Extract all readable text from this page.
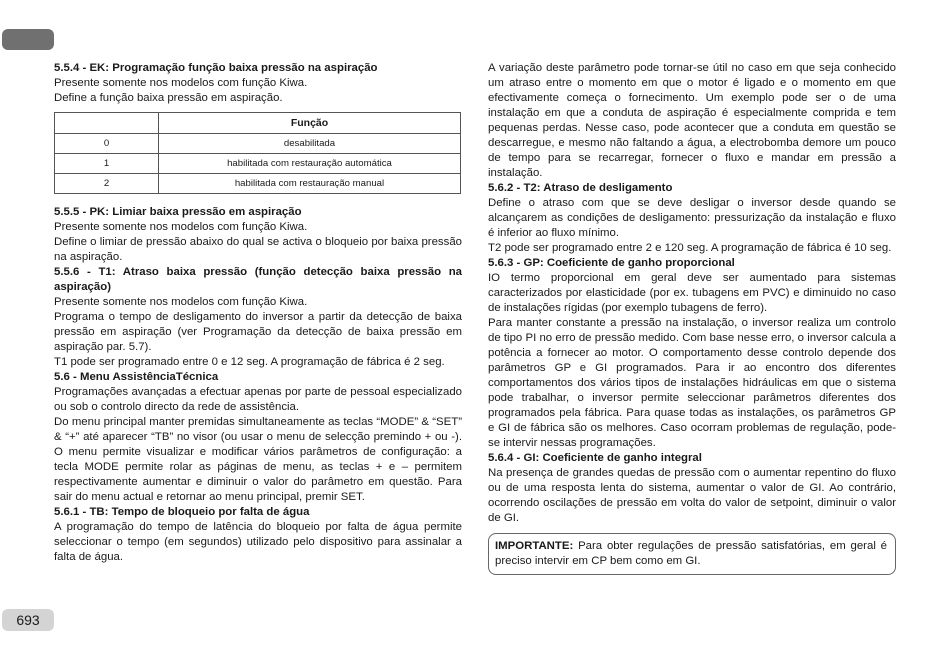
5.5.4 - EK: Programação função baixa pressão na aspiração

Presente somente nos modelos com função Kiwa.

Define a função baixa pressão em aspiração.

	Função
0	desabilitada
1	habilitada com restauração automática
2	habilitada com restauração manual

5.5.5 - PK: Limiar baixa pressão em aspiração

Presente somente nos modelos com função Kiwa.

Define o limiar de pressão abaixo do qual se activa o bloqueio por baixa pressão na aspiração.

5.5.6 - T1: Atraso baixa pressão (função detecção baixa pressão na aspiração)

Presente somente nos modelos com função Kiwa.

Programa o tempo de desligamento do inversor a partir da detecção de baixa pressão em aspiração (ver Programação da detecção de baixa pressão em aspiração par. 5.7).

T1 pode ser programado entre 0 e 12 seg. A programação de fábrica é 2 seg.

5.6 - Menu AssistênciaTécnica

Programações avançadas a efectuar apenas por parte de pessoal especializado ou sob o controlo directo da rede de assistência.

Do menu principal manter premidas simultaneamente as teclas “MODE” & “SET” & “+” até aparecer “TB” no visor (ou usar o menu de selecção premindo + ou -). O menu permite visualizar e modificar vários parâmetros de configuração: a tecla MODE permite rolar as páginas de menu, as teclas + e – permitem respectivamente aumentar e diminuir o valor do parâmetro em questão. Para sair do menu actual e retornar ao menu principal, premir SET.

5.6.1 - TB: Tempo de bloqueio por falta de água

A programação do tempo de latência do bloqueio por falta de água permite seleccionar o tempo (em segundos) utilizado pelo dispositivo para assinalar a falta de água.

A variação deste parâmetro pode tornar-se útil no caso em que seja conhecido um atraso entre o momento em que o motor é ligado e o momento em que efectivamente começa o fornecimento. Um exemplo pode ser o de uma instalação em que a conduta de aspiração é especialmente comprida e tem pequenas perdas. Nesse caso, pode acontecer que a conduta em questão se descarregue, e mesmo não faltando a água, a electrobomba demore um pouco de tempo para se recarregar, fornecer o fluxo e mandar em pressão a instalação.

5.6.2 - T2: Atraso de desligamento

Define o atraso com que se deve desligar o inversor desde quando se alcançarem as condições de desligamento: pressurização da instalação e fluxo é inferior ao fluxo mínimo.

T2 pode ser programado entre 2 e 120 seg. A programação de fábrica é 10 seg.

5.6.3 - GP: Coeficiente de ganho proporcional

IO termo proporcional em geral deve ser aumentado para sistemas caracterizados por elasticidade (por ex. tubagens em PVC) e diminuido no caso de instalações rígidas (por exemplo tubagens de ferro).

Para manter constante a pressão na instalação, o inversor realiza um controlo de tipo PI no erro de pressão medido. Com base nesse erro, o inversor calcula a potência a fornecer ao motor. O comportamento desse controlo depende dos parâmetros GP e GI programados. Para ir ao encontro dos diferentes comportamentos dos vários tipos de instalações hidráulicas em que o sistema pode trabalhar, o inversor permite seleccionar parâmetros diferentes dos programados pela fábrica. Para quase todas as instalações, os parâmetros GP e GI de fábrica são os melhores. Caso ocorram problemas de regulação, pode-se intervir nessas programações.

5.6.4 - GI: Coeficiente de ganho integral

Na presença de grandes quedas de pressão com o aumentar repentino do fluxo ou de uma resposta lenta do sistema, aumentar o valor de GI. Ao contrário, ocorrendo oscilações de pressão em volta do valor de setpoint, diminuir o valor de GI.

IMPORTANTE: Para obter regulações de pressão satisfatórias, em geral é preciso intervir em CP bem como em GI.

693
